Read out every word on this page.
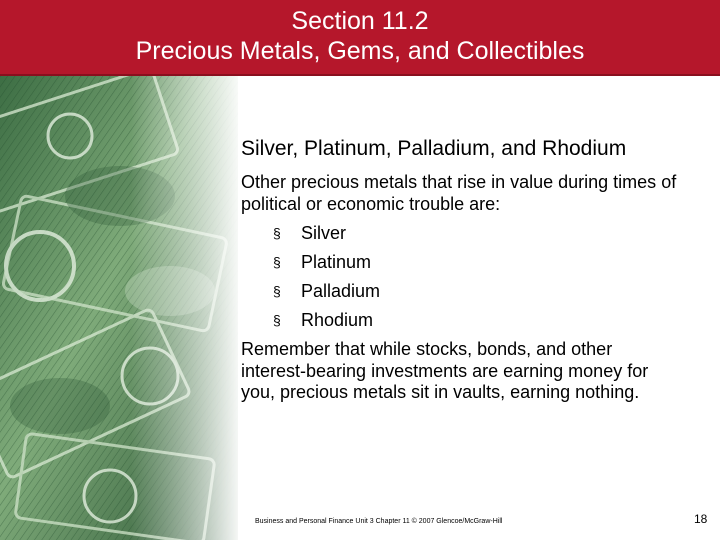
Section 11.2
Precious Metals, Gems, and Collectibles

Silver, Platinum, Palladium, and Rhodium

Other precious metals that rise in value during times of political or economic trouble are:

§ Silver
§ Platinum
§ Palladium
§ Rhodium

Remember that while stocks, bonds, and other interest-bearing investments are earning money for you, precious metals sit in vaults, earning nothing.

Business and Personal Finance Unit 3 Chapter 11 © 2007 Glencoe/McGraw-Hill	18
